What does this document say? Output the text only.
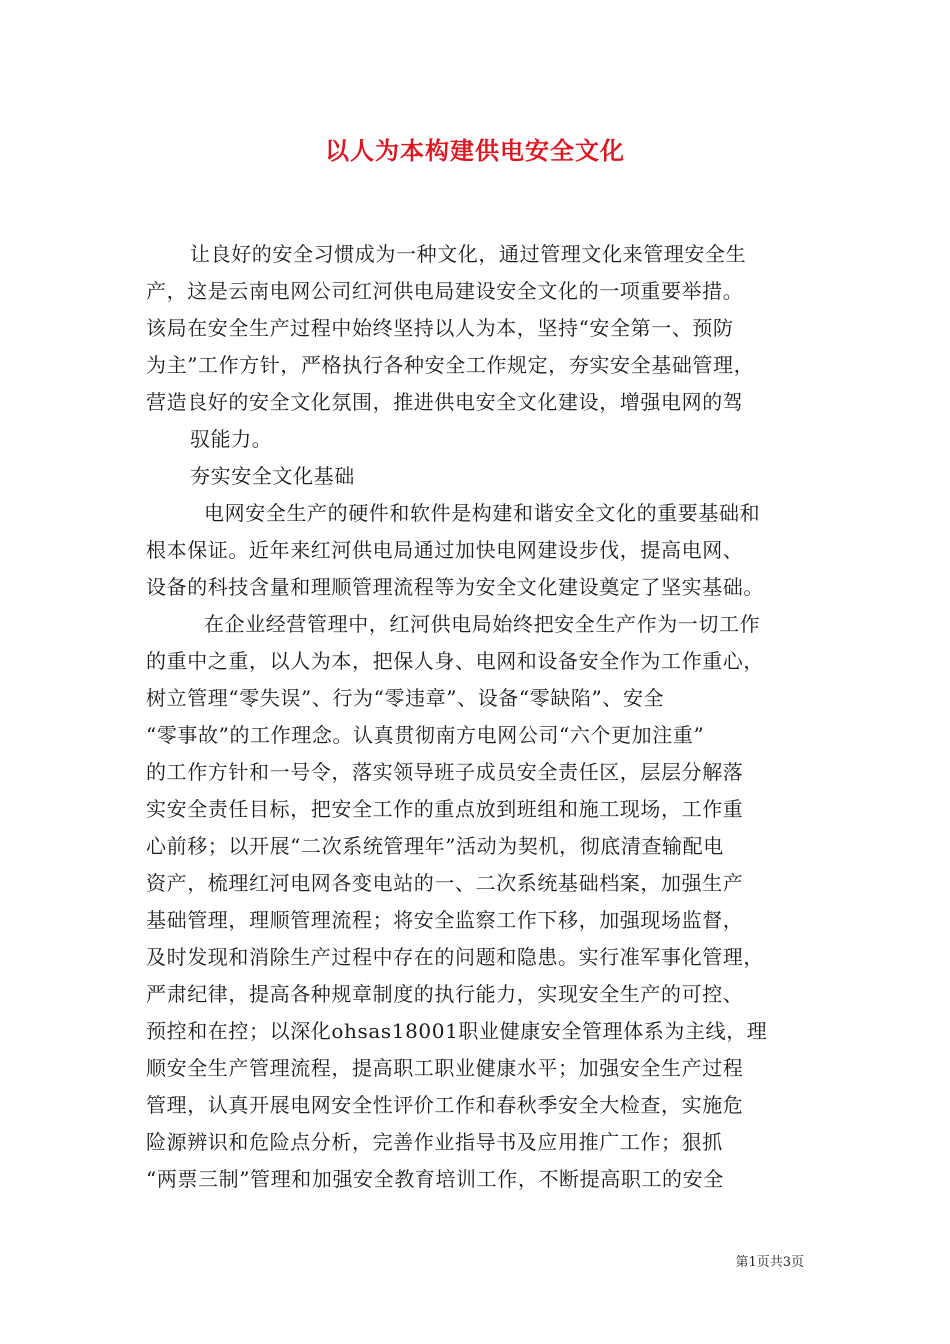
以人为本构建供电安全文化
让良好的安全习惯成为一种文化，通过管理文化来管理安全生
产，这是云南电网公司红河供电局建设安全文化的一项重要举措。
该局在安全生产过程中始终坚持以人为本，坚持“安全第一、预防
为主”工作方针，严格执行各种安全工作规定，夯实安全基础管理，
营造良好的安全文化氛围，推进供电安全文化建设，增强电网的驾
驭能力。
夯实安全文化基础
电网安全生产的硬件和软件是构建和谐安全文化的重要基础和
根本保证。近年来红河供电局通过加快电网建设步伐，提高电网、
设备的科技含量和理顺管理流程等为安全文化建设奠定了坚实基础。
在企业经营管理中，红河供电局始终把安全生产作为一切工作
的重中之重，以人为本，把保人身、电网和设备安全作为工作重心，
树立管理“零失误”、行为“零违章”、设备“零缺陷”、安全
“零事故”的工作理念。认真贯彻南方电网公司“六个更加注重”
的工作方针和一号令，落实领导班子成员安全责任区，层层分解落
实安全责任目标，把安全工作的重点放到班组和施工现场，工作重
心前移；以开展“二次系统管理年”活动为契机，彻底清查输配电
资产，梳理红河电网各变电站的一、二次系统基础档案，加强生产
基础管理，理顺管理流程；将安全监察工作下移，加强现场监督，
及时发现和消除生产过程中存在的问题和隐患。实行准军事化管理，
严肃纪律，提高各种规章制度的执行能力，实现安全生产的可控、
预控和在控；以深化ohsas18001职业健康安全管理体系为主线，理
顺安全生产管理流程，提高职工职业健康水平；加强安全生产过程
管理，认真开展电网安全性评价工作和春秋季安全大检查，实施危
险源辨识和危险点分析，完善作业指导书及应用推广工作；狠抓
“两票三制”管理和加强安全教育培训工作，不断提高职工的安全
第1页共3页
